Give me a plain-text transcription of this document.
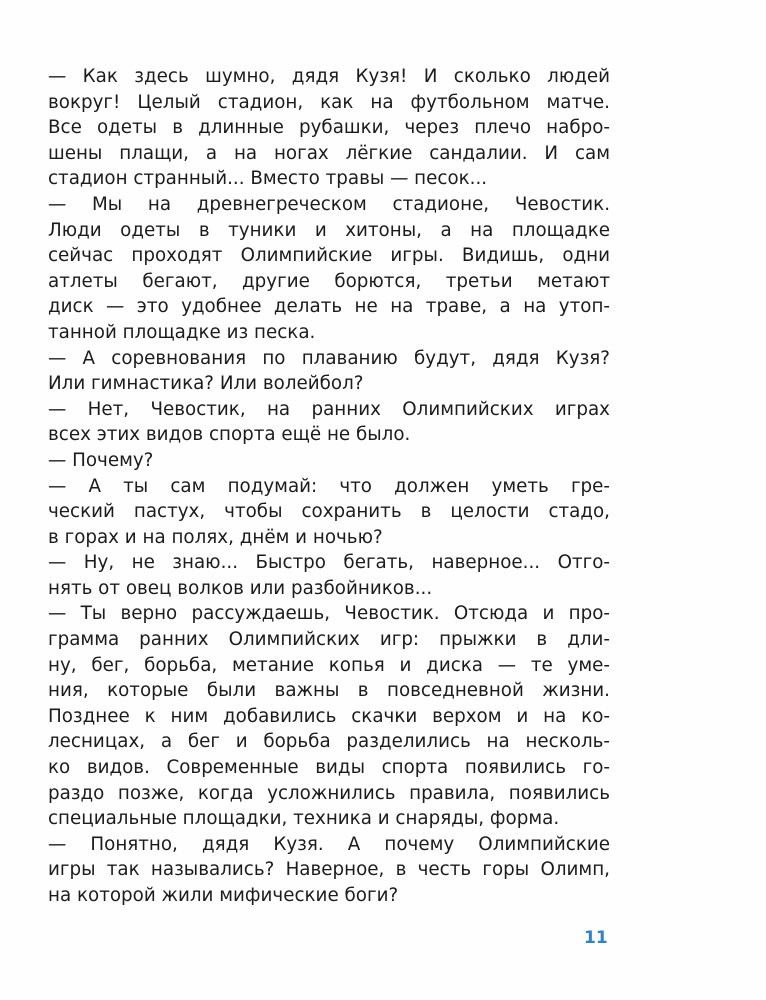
— Как здесь шумно, дядя Кузя! И сколько людей
вокруг! Целый стадион, как на футбольном матче.
Все одеты в длинные рубашки, через плечо набро-
шены плащи, а на ногах лёгкие сандалии. И сам
стадион странный... Вместо травы — песок...
— Мы на древнегреческом стадионе, Чевостик.
Люди одеты в туники и хитоны, а на площадке
сейчас проходят Олимпийские игры. Видишь, одни
атлеты бегают, другие борются, третьи метают
диск — это удобнее делать не на траве, а на утоп-
танной площадке из песка.
— А соревнования по плаванию будут, дядя Кузя?
Или гимнастика? Или волейбол?
— Нет, Чевостик, на ранних Олимпийских играх
всех этих видов спорта ещё не было.
— Почему?
— А ты сам подумай: что должен уметь гре-
ческий пастух, чтобы сохранить в целости стадо,
в горах и на полях, днём и ночью?
— Ну, не знаю... Быстро бегать, наверное... Отго-
нять от овец волков или разбойников...
— Ты верно рассуждаешь, Чевостик. Отсюда и про-
грамма ранних Олимпийских игр: прыжки в дли-
ну, бег, борьба, метание копья и диска — те уме-
ния, которые были важны в повседневной жизни.
Позднее к ним добавились скачки верхом и на ко-
лесницах, а бег и борьба разделились на несколь-
ко видов. Современные виды спорта появились го-
раздо позже, когда усложнились правила, появились
специальные площадки, техника и снаряды, форма.
— Понятно, дядя Кузя. А почему Олимпийские
игры так назывались? Наверное, в честь горы Олимп,
на которой жили мифические боги?
11
